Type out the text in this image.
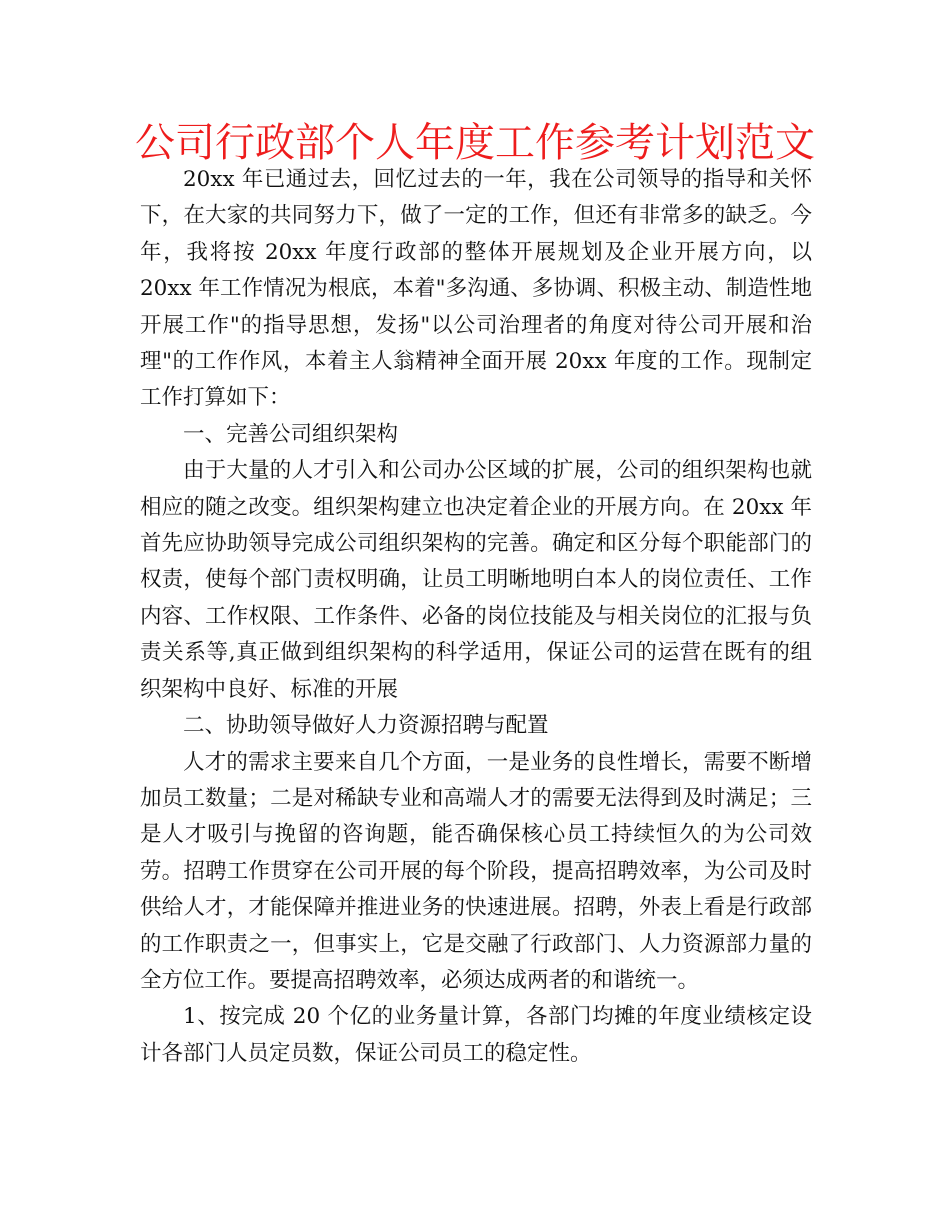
公司行政部个人年度工作参考计划范文

20xx 年已通过去，回忆过去的一年，我在公司领导的指导和关怀下，在大家的共同努力下，做了一定的工作，但还有非常多的缺乏。今年，我将按 20xx 年度行政部的整体开展规划及企业开展方向，以 20xx 年工作情况为根底，本着"多沟通、多协调、积极主动、制造性地开展工作"的指导思想，发扬"以公司治理者的角度对待公司开展和治理"的工作作风，本着主人翁精神全面开展 20xx 年度的工作。现制定工作打算如下：

一、完善公司组织架构

由于大量的人才引入和公司办公区域的扩展，公司的组织架构也就相应的随之改变。组织架构建立也决定着企业的开展方向。在 20xx 年首先应协助领导完成公司组织架构的完善。确定和区分每个职能部门的权责，使每个部门责权明确，让员工明晰地明白本人的岗位责任、工作内容、工作权限、工作条件、必备的岗位技能及与相关岗位的汇报与负责关系等,真正做到组织架构的科学适用，保证公司的运营在既有的组织架构中良好、标准的开展

二、协助领导做好人力资源招聘与配置

人才的需求主要来自几个方面，一是业务的良性增长，需要不断增加员工数量；二是对稀缺专业和高端人才的需要无法得到及时满足；三是人才吸引与挽留的咨询题，能否确保核心员工持续恒久的为公司效劳。招聘工作贯穿在公司开展的每个阶段，提高招聘效率，为公司及时供给人才，才能保障并推进业务的快速进展。招聘，外表上看是行政部的工作职责之一，但事实上，它是交融了行政部门、人力资源部力量的全方位工作。要提高招聘效率，必须达成两者的和谐统一。

1、按完成 20 个亿的业务量计算，各部门均摊的年度业绩核定设计各部门人员定员数，保证公司员工的稳定性。
